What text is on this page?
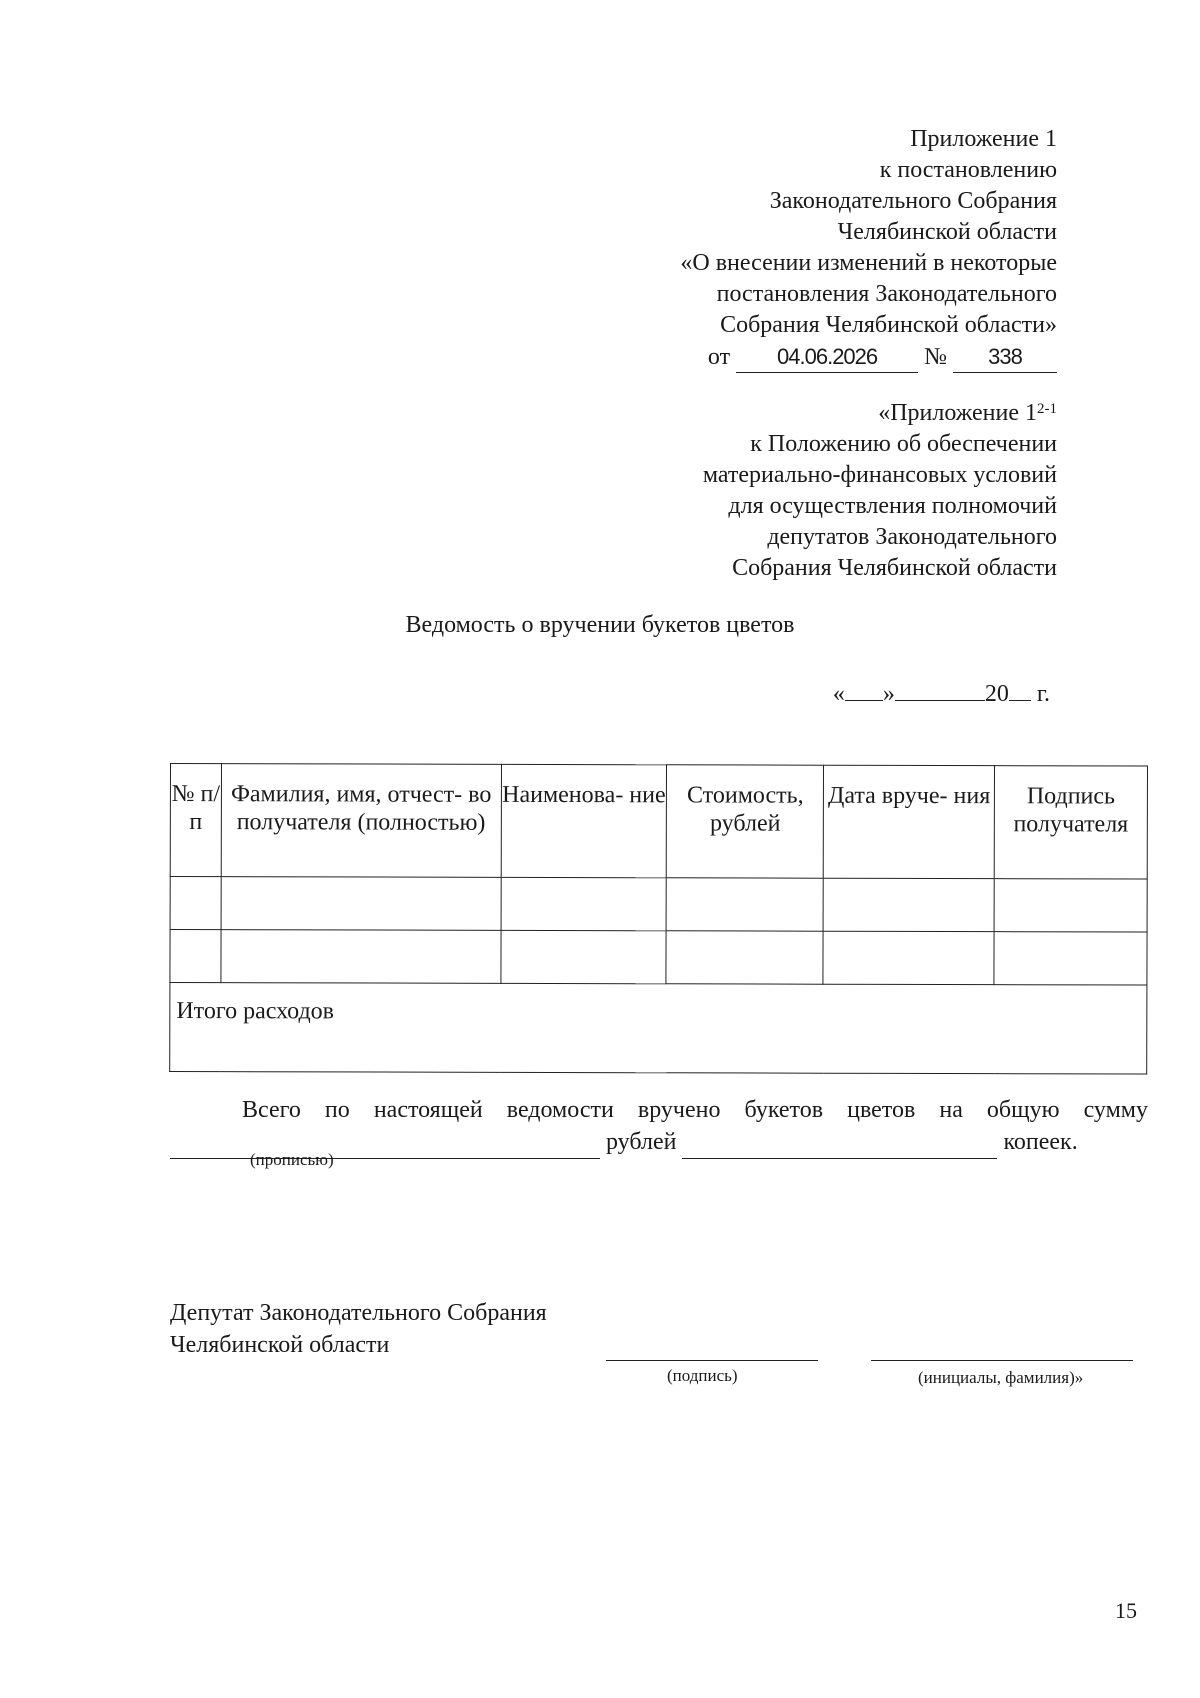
Приложение 1
к постановлению
Законодательного Собрания
Челябинской области
«О внесении изменений в некоторые
постановления Законодательного
Собрания Челябинской области»
от 04.06.2026 № 338
«Приложение 1$^{2-1}$
к Положению об обеспечении
материально-финансовых условий
для осуществления полномочий
депутатов Законодательного
Собрания Челябинской области
Ведомость о вручении букетов цветов
« »	20 г.
№ п/п	Фамилия, имя, отчест- во получателя (полностью)	Наименова- ние	Стоимость, рублей	Дата вруче- ния	Подпись получателя

Итого расходов					
Всего по настоящей ведомости вручено букетов цветов на общую сумму
рублей	копеек.
(прописью)
Депутат Законодательного Собрания
Челябинской области
(подпись)	(инициалы, фамилия)»
15
